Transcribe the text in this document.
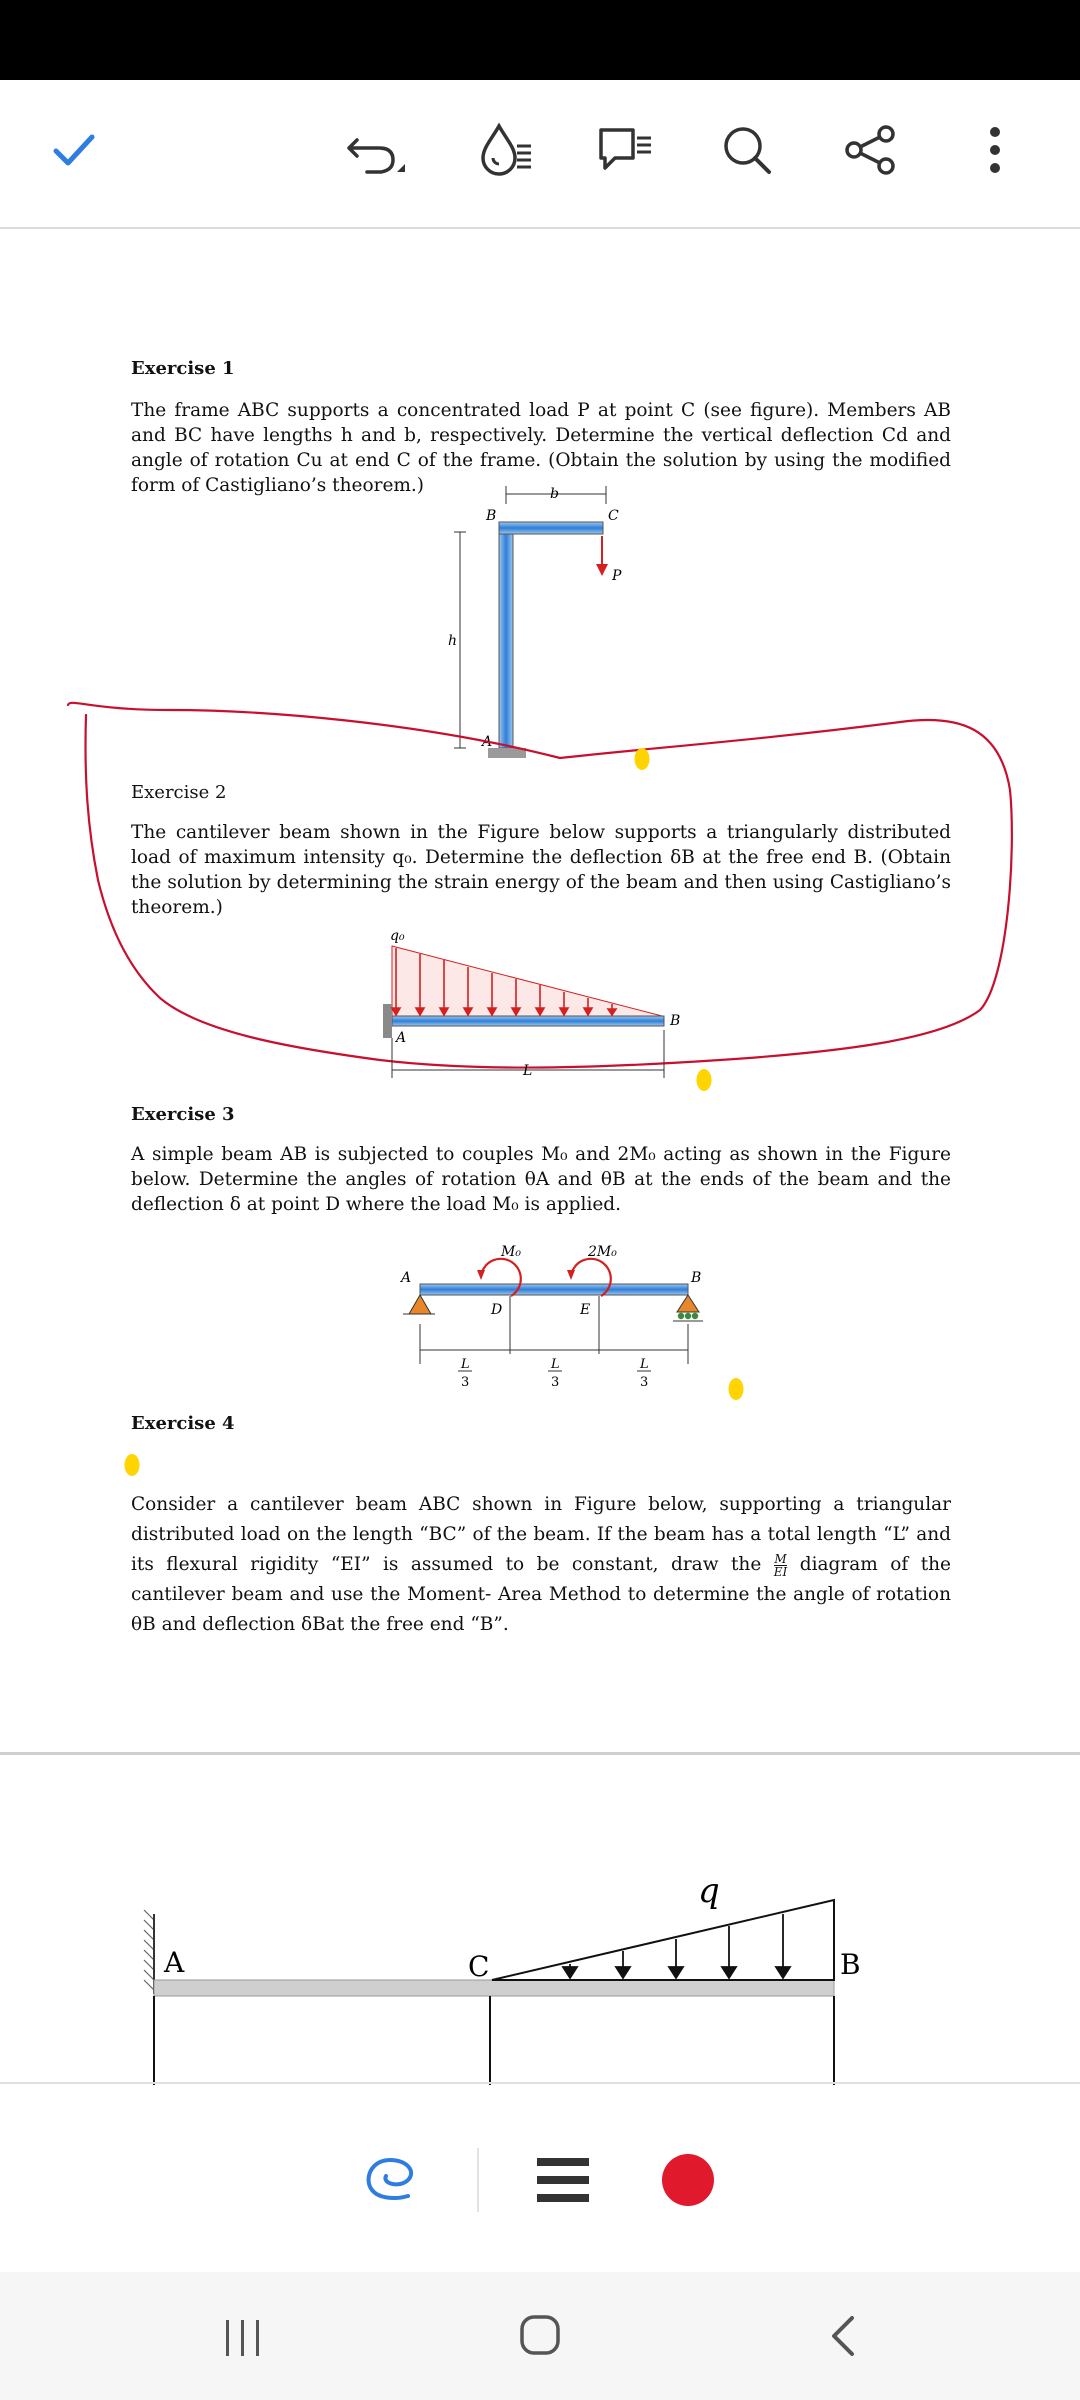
Exercise 1
The frame ABC supports a concentrated load P at point C (see figure). Members AB and BC have lengths h and b, respectively. Determine the vertical deflection Cd and angle of rotation Cu at end C of the frame. (Obtain the solution by using the modified form of Castigliano’s theorem.)
B	C
b
h
A
P
Exercise 2
The cantilever beam shown in the Figure below supports a triangularly distributed load of maximum intensity q₀. Determine the deflection δB at the free end B. (Obtain the solution by determining the strain energy of the beam and then using Castigliano’s theorem.)
q₀
A
B
L
Exercise 3
A simple beam AB is subjected to couples M₀ and 2M₀ acting as shown in the Figure below. Determine the angles of rotation θA and θB at the ends of the beam and the deflection δ at point D where the load M₀ is applied.
A	B
D	E
M₀	2M₀
L
3
L
3
L
3
Exercise 4
Consider a cantilever beam ABC shown in Figure below, supporting a triangular distributed load on the length “BC” of the beam. If the beam has a total length “L” and its flexural rigidity “EI” is assumed to be constant, draw the $\frac{M}{EI}$ diagram of the cantilever beam and use the Moment- Area Method to determine the angle of rotation θB and deflection δBat the free end “B”.
A	C	B
q
